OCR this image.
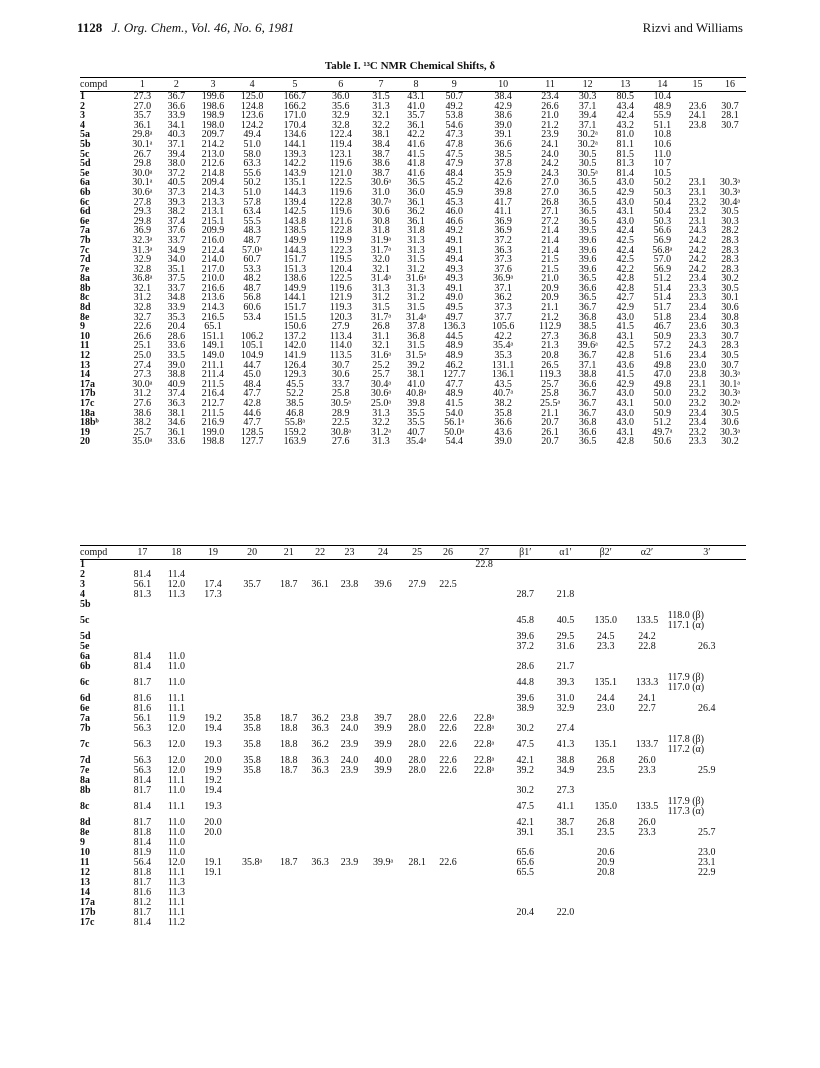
1128 J. Org. Chem., Vol. 46, No. 6, 1981	Rizvi and Williams
Table I. ¹³C NMR Chemical Shifts, δ
compd	1	2	3	4	5	6	7	8	9	10	11	12	13	14	15	16
1	27.3	36.7	199.6	125.0	166.7	36.0	31.5	43.1	50.7	38.4	23.4	30.3	80.5	10.4		
2	27.0	36.6	198.6	124.8	166.2	35.6	31.3	41.0	49.2	42.9	26.6	37.1	43.4	48.9	23.6	30.7
3	35.7	33.9	198.9	123.6	171.0	32.9	32.1	35.7	53.8	38.6	21.0	39.4	42.4	55.9	24.1	28.1
4	36.1	34.1	198.0	124.2	170.4	32.8	32.2	36.1	54.6	39.0	21.2	37.1	43.2	51.1	23.8	30.7
5a	29.8ᵃ	40.3	209.7	49.4	134.6	122.4	38.1	42.2	47.3	39.1	23.9	30.2ᵃ	81.0	10.8		
5b	30.1ᵃ	37.1	214.2	51.0	144.1	119.4	38.4	41.6	47.8	36.6	24.1	30.2ᵃ	81.1	10.6		
5c	26.7	39.4	213.0	58.0	139.3	123.1	38.7	41.5	47.5	38.5	24.0	30.5	81.5	11.0		
5d	29.8	38.0	212.6	63.3	142.2	119.6	38.6	41.8	47.9	37.8	24.2	30.5	81.3	10 7		
5e	30.0ᵃ	37.2	214.8	55.6	143.9	121.0	38.7	41.6	48.4	35.9	24.3	30.5ᵃ	81.4	10.5		
6a	30.1ᵃ	40.5	209.4	50.2	135.1	122.5	30.6ᵃ	36.5	45.2	42.6	27.0	36.5	43.0	50.2	23.1	30.3ᵃ
6b	30.6ᵃ	37.3	214.3	51.0	144.3	119.6	31.0	36.0	45.9	39.8	27.0	36.5	42.9	50.3	23.1	30.3ᵃ
6c	27.8	39.3	213.3	57.8	139.4	122.8	30.7ᵃ	36.1	45.3	41.7	26.8	36.5	43.0	50.4	23.2	30.4ᵃ
6d	29.3	38.2	213.1	63.4	142.5	119.6	30.6	36.2	46.0	41.1	27.1	36.5	43.1	50.4	23.2	30.5
6e	29.8	37.4	215.1	55.5	143.8	121.6	30.8	36.1	46.6	36.9	27.2	36.5	43.0	50.3	23.1	30.3
7a	36.9	37.6	209.9	48.3	138.5	122.8	31.8	31.8	49.2	36.9	21.4	39.5	42.4	56.6	24.3	28.2
7b	32.3ᵃ	33.7	216.0	48.7	149.9	119.9	31.9ᵃ	31.3	49.1	37.2	21.4	39.6	42.5	56.9	24.2	28.3
7c	31.3ᵃ	34.9	212.4	57.0ᵃ	144.3	122.3	31.7ᵃ	31.3	49.1	36.3	21.4	39.6	42.4	56.8ᵃ	24.2	28.3
7d	32.9	34.0	214.0	60.7	151.7	119.5	32.0	31.5	49.4	37.3	21.5	39.6	42.5	57.0	24.2	28.3
7e	32.8	35.1	217.0	53.3	151.3	120.4	32.1	31.2	49.3	37.6	21.5	39.6	42.2	56.9	24.2	28.3
8a	36.8ᵃ	37.5	210.0	48.2	138.6	122.5	31.4ᵃ	31.6ᵃ	49.3	36.9ᵃ	21.0	36.5	42.8	51.2	23.4	30.2
8b	32.1	33.7	216.6	48.7	149.9	119.6	31.3	31.3	49.1	37.1	20.9	36.6	42.8	51.4	23.3	30.5
8c	31.2	34.8	213.6	56.8	144.1	121.9	31.2	31.2	49.0	36.2	20.9	36.5	42.7	51.4	23.3	30.1
8d	32.8	33.9	214.3	60.6	151.7	119.3	31.5	31.5	49.5	37.3	21.1	36.7	42.9	51.7	23.4	30.6
8e	32.7	35.3	216.5	53.4	151.5	120.3	31.7ᵃ	31.4ᵃ	49.7	37.7	21.2	36.8	43.0	51.8	23.4	30.8
9	22.6	20.4	65.1		150.6	27.9	26.8	37.8	136.3	105.6	112.9	38.5	41.5	46.7	23.6	30.3
10	26.6	28.6	151.1	106.2	137.2	113.4	31.1	36.8	44.5	42.2	27.3	36.8	43.1	50.9	23.3	30.7
11	25.1	33.6	149.1	105.1	142.0	114.0	32.1	31.5	48.9	35.4ᵃ	21.3	39.6ᵃ	42.5	57.2	24.3	28.3
12	25.0	33.5	149.0	104.9	141.9	113.5	31.6ᵃ	31.5ᵃ	48.9	35.3	20.8	36.7	42.8	51.6	23.4	30.5
13	27.4	39.0	211.1	44.7	126.4	30.7	25.2	39.2	46.2	131.1	26.5	37.1	43.6	49.8	23.0	30.7
14	27.3	38.8	211.4	45.0	129.3	30.6	25.7	38.1	127.7	136.1	119.3	38.8	41.5	47.0	23.8	30.3ᵃ
17a	30.0ᵃ	40.9	211.5	48.4	45.5	33.7	30.4ᵃ	41.0	47.7	43.5	25.7	36.6	42.9	49.8	23.1	30.1ᵃ
17b	31.2	37.4	216.4	47.7	52.2	25.8	30.6ᵃ	40.8ᵃ	48.9	40.7ᵃ	25.8	36.7	43.0	50.0	23.2	30.3ᵃ
17c	27.6	36.3	212.7	42.8	38.5	30.5ᵃ	25.0ᵃ	39.8	41.5	38.2	25.5ᵃ	36.7	43.1	50.0	23.2	30.2ᵃ
18a	38.6	38.1	211.5	44.6	46.8	28.9	31.3	35.5	54.0	35.8	21.1	36.7	43.0	50.9	23.4	30.5
18bᵇ	38.2	34.6	216.9	47.7	55.8ᵃ	22.5	32.2	35.5	56.1ᵃ	36.6	20.7	36.8	43.0	51.2	23.4	30.6
19	25.7	36.1	199.0	128.5	159.2	30.8ᵃ	31.2ᵃ	40.7	50.0ᵃ	43.6	26.1	36.6	43.1	49.7ᵃ	23.2	30.3ᵃ
20	35.0ᵃ	33.6	198.8	127.7	163.9	27.6	31.3	35.4ᵃ	54.4	39.0	20.7	36.5	42.8	50.6	23.3	30.2
compd	17	18	19	20	21	22	23	24	25	26	27	β1′	α1′	β2′	α2′	3′
1											22.8					
2	81.4	11.4														
3	56.1	12.0	17.4	35.7	18.7	36.1	23.8	39.6	27.9	22.5						
4	81.3	11.3	17.3									28.7	21.8			
5b																
5c												45.8	40.5	135.0	133.5	118.0 (β)
117.1 (α)

5d												39.6	29.5	24.5	24.2	
5e												37.2	31.6	23.3	22.8	26.3
6a	81.4	11.0														
6b	81.4	11.0										28.6	21.7			
6c	81.7	11.0										44.8	39.3	135.1	133.3	117.9 (β)
117.0 (α)

6d	81.6	11.1										39.6	31.0	24.4	24.1	
6e	81.6	11.1										38.9	32.9	23.0	22.7	26.4
7a	56.1	11.9	19.2	35.8	18.7	36.2	23.8	39.7	28.0	22.6	22.8ᵃ					
7b	56.3	12.0	19.4	35.8	18.8	36.3	24.0	39.9	28.0	22.6	22.8ᵃ	30.2	27.4			
7c	56.3	12.0	19.3	35.8	18.8	36.2	23.9	39.9	28.0	22.6	22.8ᵃ	47.5	41.3	135.1	133.7	117.8 (β)
117.2 (α)

7d	56.3	12.0	20.0	35.8	18.8	36.3	24.0	40.0	28.0	22.6	22.8ᵃ	42.1	38.8	26.8	26.0	
7e	56.3	12.0	19.9	35.8	18.7	36.3	23.9	39.9	28.0	22.6	22.8ᵃ	39.2	34.9	23.5	23.3	25.9
8a	81.4	11.1	19.2													
8b	81.7	11.0	19.4									30.2	27.3			
8c	81.4	11.1	19.3									47.5	41.1	135.0	133.5	117.9 (β)
117.3 (α)

8d	81.7	11.0	20.0									42.1	38.7	26.8	26.0	
8e	81.8	11.0	20.0									39.1	35.1	23.5	23.3	25.7
9	81.4	11.0														
10	81.9	11.0										65.6		20.6		23.0
11	56.4	12.0	19.1	35.8ᵃ	18.7	36.3	23.9	39.9ᵃ	28.1	22.6		65.6		20.9		23.1
12	81.8	11.1	19.1									65.5		20.8		22.9
13	81.7	11.3														
14	81.6	11.3														
17a	81.2	11.1														
17b	81.7	11.1										20.4	22.0			
17c	81.4	11.2														
